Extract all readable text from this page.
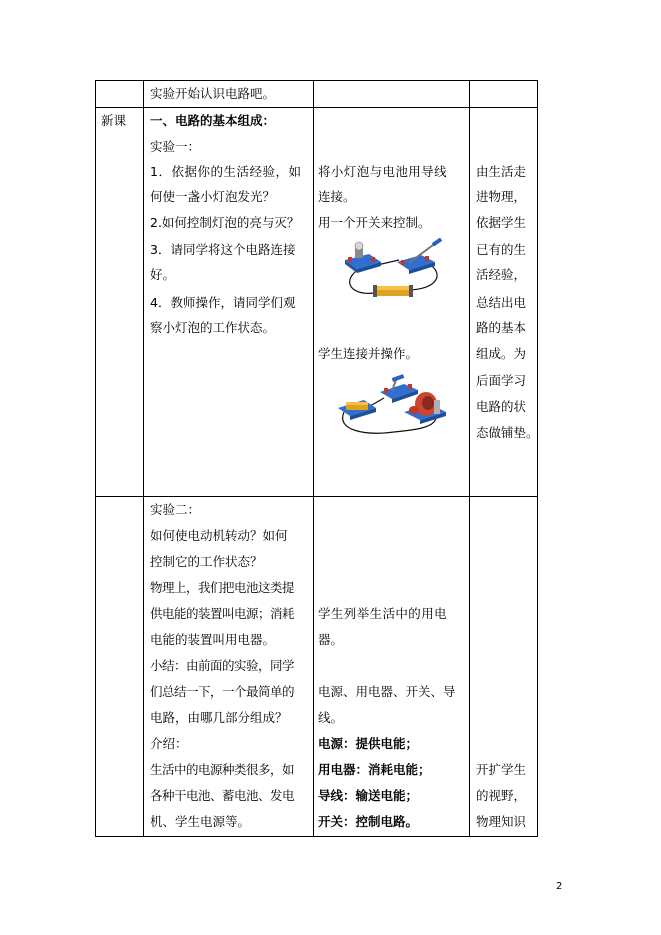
实验开始认识电路吧。
新课 一、电路的基本组成：
实验一：
1．依据你的生活经验，如
何使一盏小灯泡发光？
2.如何控制灯泡的亮与灭？
3．请同学将这个电路连接
好。
4．教师操作，请同学们观
察小灯泡的工作状态。
将小灯泡与电池用导线
连接。
用一个开关来控制。
学生连接并操作。
由生活走
进物理，
依据学生
已有的生
活经验，
总结出电
路的基本
组成。为
后面学习
电路的状
态做铺垫。
实验二：
如何使电动机转动？如何
控制它的工作状态？
物理上，我们把电池这类提
供电能的装置叫电源；消耗
电能的装置叫用电器。
小结：由前面的实验，同学
们总结一下，一个最简单的
电路，由哪几部分组成？
介绍：
生活中的电源种类很多，如
各种干电池、蓄电池、发电
机、学生电源等。
学生列举生活中的用电
器。
电源、用电器、开关、导
线。
电源：提供电能；
用电器：消耗电能；
导线：输送电能；
开关：控制电路。
开扩学生
的视野，
物理知识
2
